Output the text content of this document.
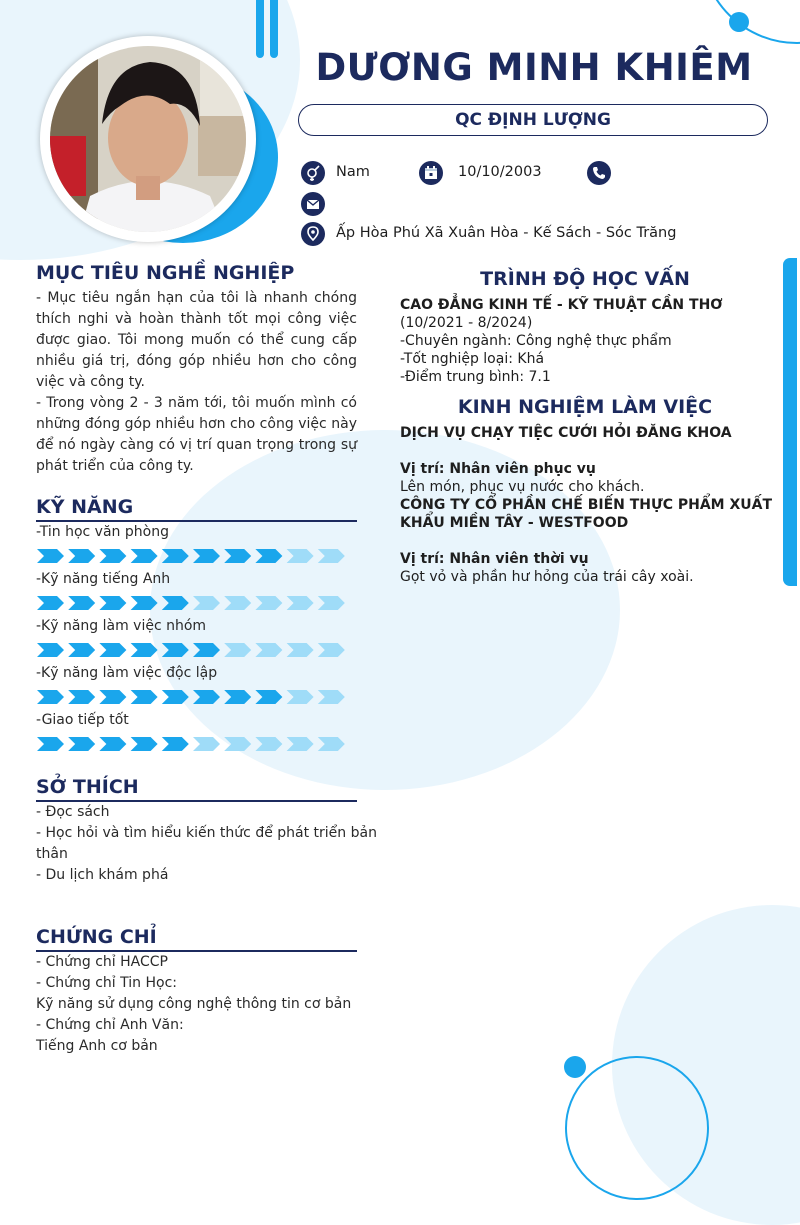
DƯƠNG MINH KHIÊM
QC ĐỊNH LƯỢNG
Nam	10/10/2003
Ấp Hòa Phú Xã Xuân Hòa - Kế Sách - Sóc Trăng
MỤC TIÊU NGHỀ NGHIỆP

- Mục tiêu ngắn hạn của tôi là nhanh chóng thích nghi và hoàn thành tốt mọi công việc được giao. Tôi mong muốn có thể cung cấp nhiều giá trị, đóng góp nhiều hơn cho công việc và công ty.

- Trong vòng 2 - 3 năm tới, tôi muốn mình có những đóng góp nhiều hơn cho công việc này để nó ngày càng có vị trí quan trọng trong sự phát triển của công ty.

KỸ NĂNG
-Tin học văn phòng
-Kỹ năng tiếng Anh
-Kỹ năng làm việc nhóm
-Kỹ năng làm việc độc lập
-Giao tiếp tốt
SỞ THÍCH
- Đọc sách
- Học hỏi và tìm hiểu kiến thức để phát triển bản
thân
- Du lịch khám phá
CHỨNG CHỈ
- Chứng chỉ HACCP
- Chứng chỉ Tin Học:
Kỹ năng sử dụng công nghệ thông tin cơ bản
- Chứng chỉ Anh Văn:
Tiếng Anh cơ bản
TRÌNH ĐỘ HỌC VẤN
CAO ĐẲNG KINH TẾ - KỸ THUẬT CẦN THƠ
(10/2021 - 8/2024)
-Chuyên ngành: Công nghệ thực phẩm
-Tốt nghiệp loại: Khá
-Điểm trung bình: 7.1
KINH NGHIỆM LÀM VIỆC
DỊCH VỤ CHẠY TIỆC CƯỚI HỎI ĐĂNG KHOA
Vị trí: Nhân viên phục vụ
Lên món, phục vụ nước cho khách.
CÔNG TY CỔ PHẦN CHẾ BIẾN THỰC PHẨM XUẤT
KHẨU MIỀN TÂY - WESTFOOD
Vị trí: Nhân viên thời vụ
Gọt vỏ và phần hư hỏng của trái cây xoài.
